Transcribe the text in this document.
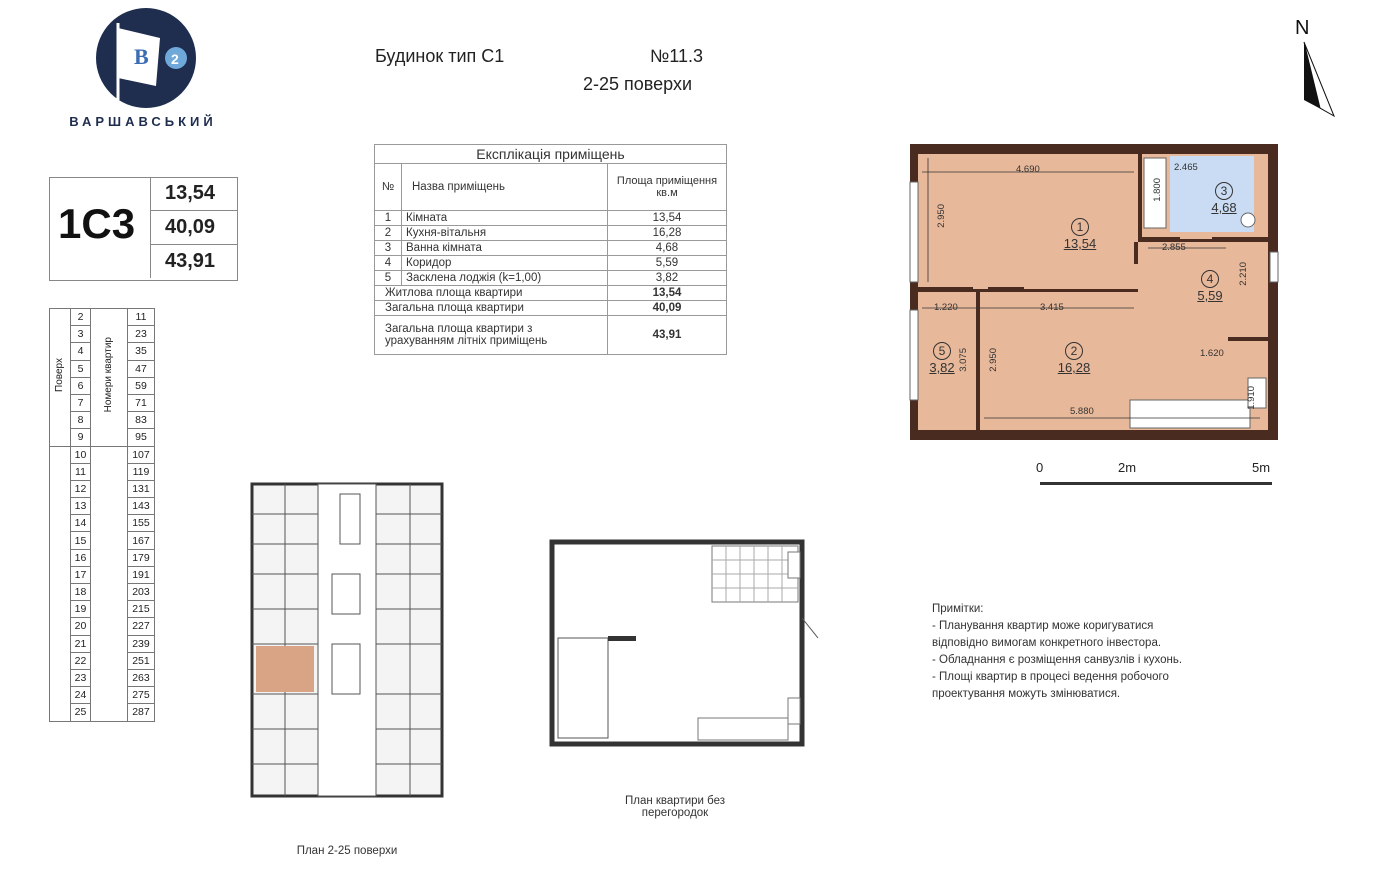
B 2
ВАРШАВСЬКИЙ
Будинок тип С1	№11.3
2-25 поверхи
1С3
13,54
40,09
43,91
Поверх	2	Номери квартир	11
	3		23
	4		35
	5		47
	6		59
	7		71
	8		83
	9		95
	10		107
	11		119
	12		131
	13		143
	14		155
	15		167
	16		179
	17		191
	18		203
	19		215
	20		227
	21		239
	22		251
	23		263
	24		275
	25		287
Експлікація приміщень		
№	Назва приміщень	Площа приміщення кв.м
1	Кімната	13,54
2	Кухня-вітальня	16,28
3	Ванна кімната	4,68
4	Коридор	5,59
5	Засклена лоджія (k=1,00)	3,82
Житлова площа квартири		13,54
Загальна площа квартири		40,09
Загальна площа квартири з урахуванням літніх приміщень		43,91
N
4.690	2.465
1.800
2.950
2.855
2.210
1.220	3.415
1.620
2.950
3.075
5.880
1.910
1
13,54
2
16,28
3
4,68
4
5,59
5
3,82
0	2m	5m
План 2-25 поверхи
План квартири без перегородок
Примітки:
- Планування квартир може коригуватися відповідно вимогам конкретного інвестора.
- Обладнання є розміщення санвузлів і кухонь.
- Площі квартир в процесі ведення робочого проектування можуть змінюватися.
